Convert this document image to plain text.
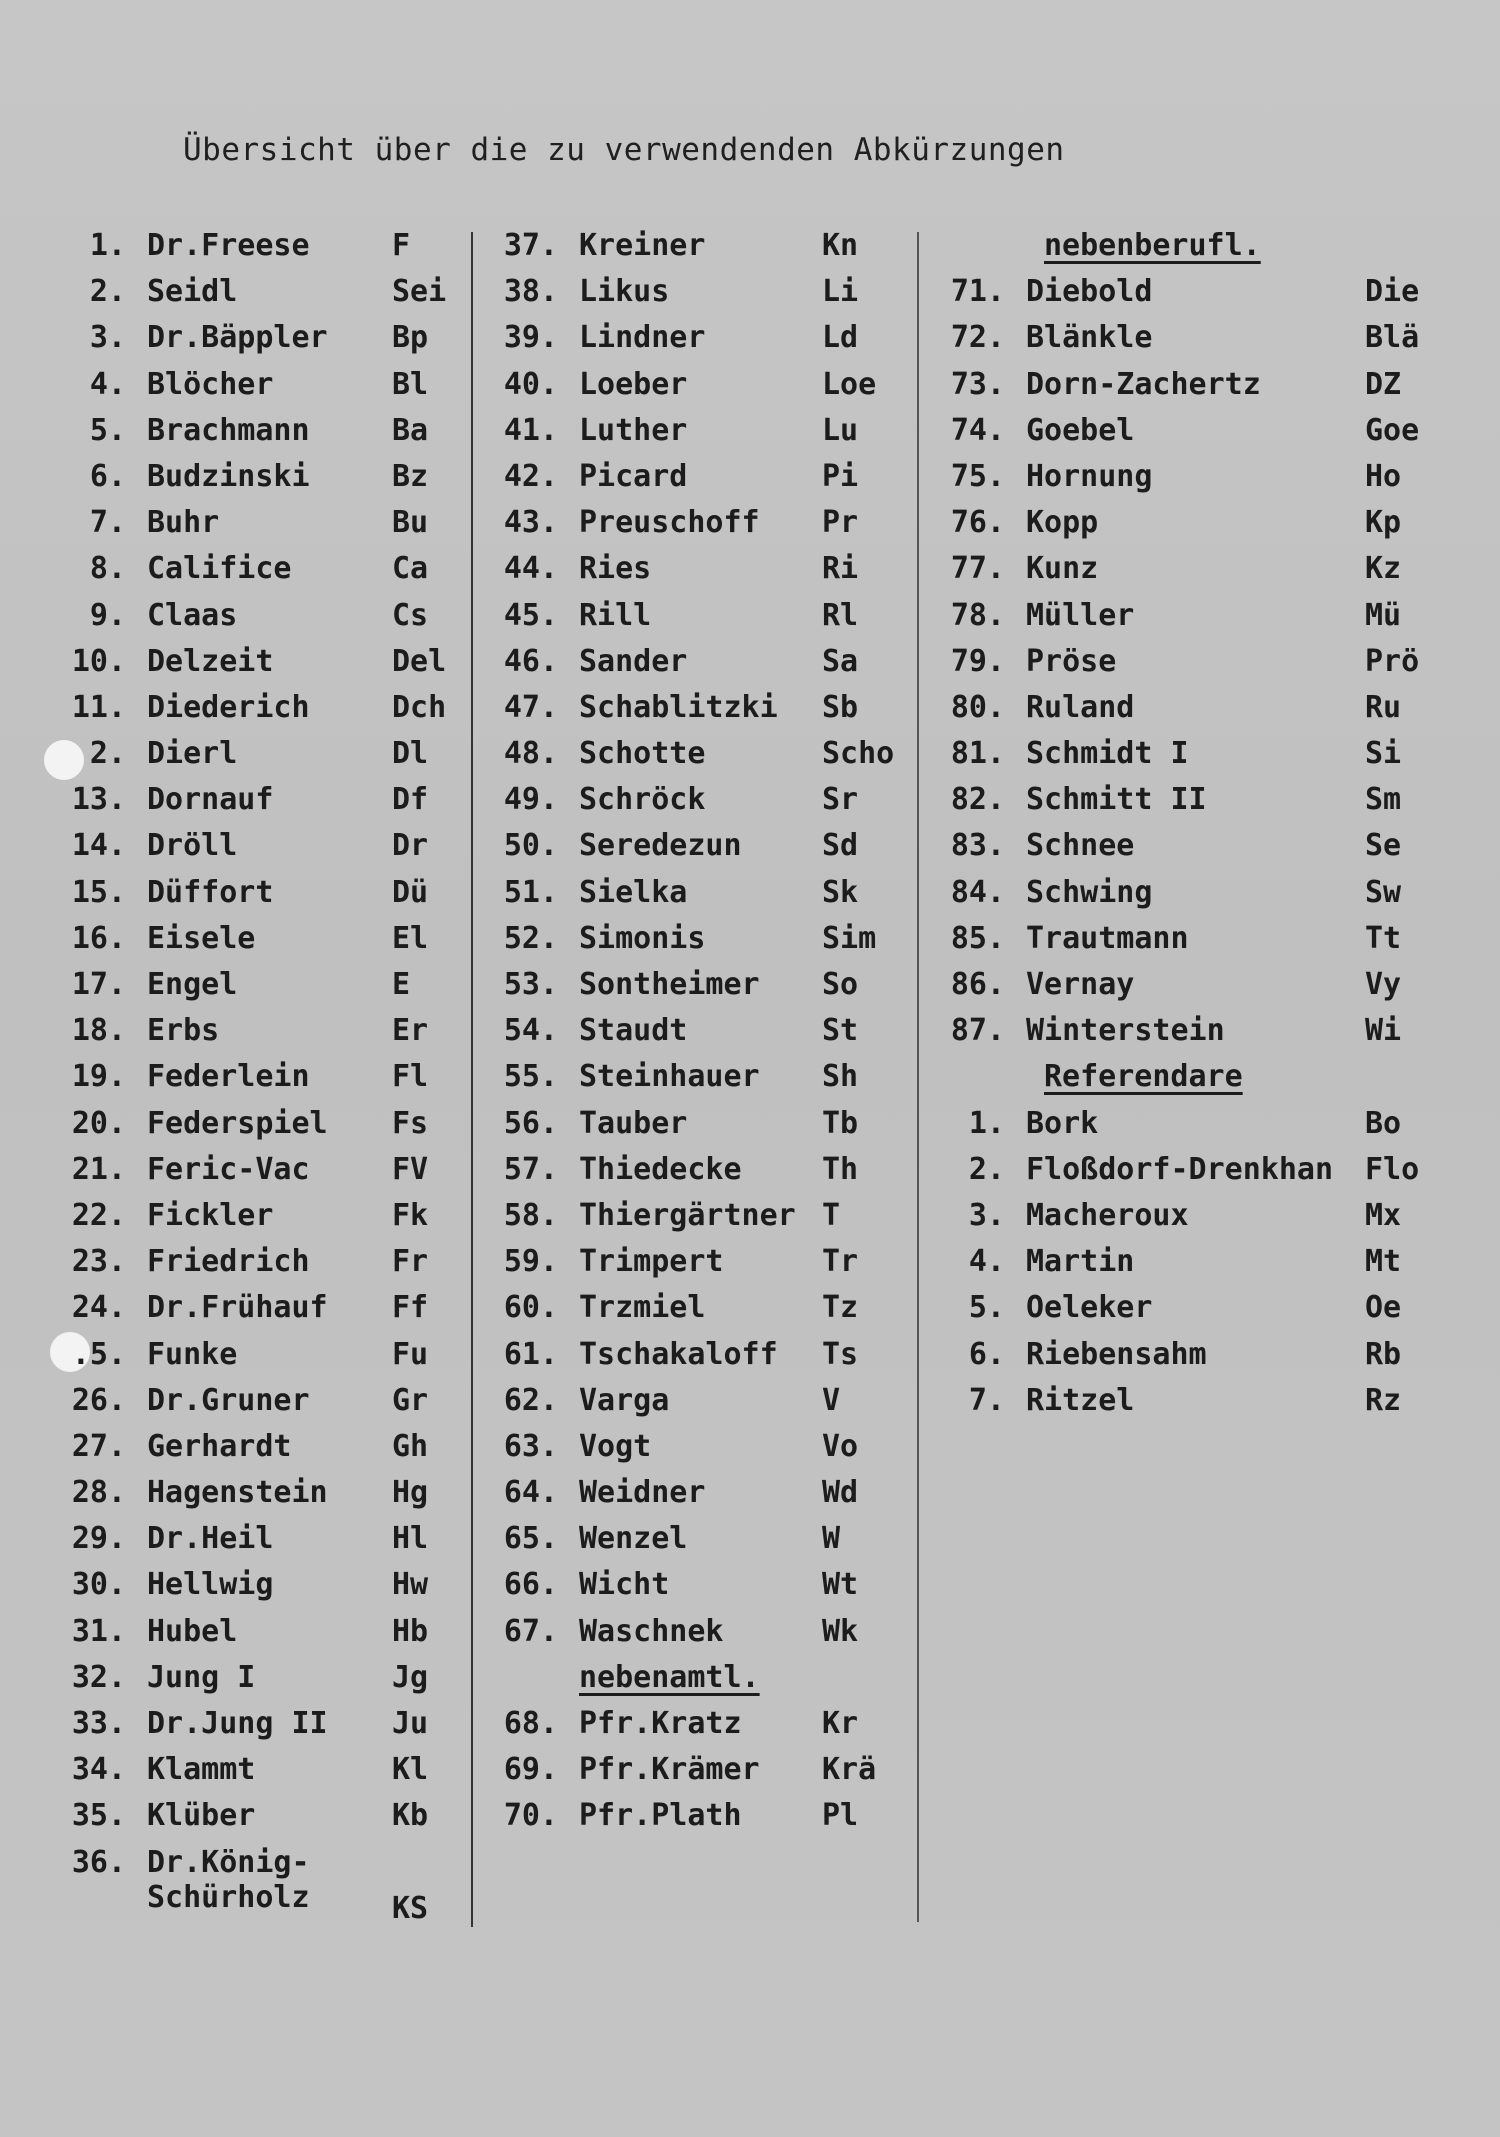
Übersicht über die zu verwendenden Abkürzungen
1. Dr.Freese	F
2. Seidl	Sei
3. Dr.Bäppler Bp
4. Blöcher	Bl
5. Brachmann	Ba
6. Budzinski	Bz
7. Buhr	Bu
8. Califice	Ca
9. Claas	Cs
10. Delzeit	Del
11. Diederich	Dch
2. Dierl	Dl
13. Dornauf	Df
14. Dröll	Dr
15. Düffort	Dü
16. Eisele	El
17. Engel	E
18. Erbs	Er
19. Federlein	Fl
20. Federspiel Fs
21. Feric-Vac	FV
22. Fickler	Fk
23. Friedrich	Fr
24. Dr.Frühauf Ff
.5. Funke	Fu
26. Dr.Gruner	Gr
27. Gerhardt	Gh
28. Hagenstein Hg
29. Dr.Heil	Hl
30. Hellwig	Hw
31. Hubel	Hb
32. Jung I	Jg
33. Dr.Jung II Ju
34. Klammt	Kl
35. Klüber	Kb
36. Dr.König-
Schürholz	KS
37. Kreiner	Kn
38. Likus	Li
39. Lindner	Ld
40. Loeber	Loe
41. Luther	Lu
42. Picard	Pi
43. Preuschoff Pr
44. Ries	Ri
45. Rill	Rl
46. Sander	Sa
47. Schablitzki Sb
48. Schotte	Scho
49. Schröck	Sr
50. Seredezun	Sd
51. Sielka	Sk
52. Simonis	Sim
53. Sontheimer So
54. Staudt	St
55. Steinhauer Sh
56. Tauber	Tb
57. Thiedecke	Th
58. Thiergärtner T
59. Trimpert	Tr
60. Trzmiel	Tz
61. Tschakaloff Ts
62. Varga	V
63. Vogt	Vo
64. Weidner	Wd
65. Wenzel	W
66. Wicht	Wt
67. Waschnek	Wk
nebenamtl.
68. Pfr.Kratz	Kr
69. Pfr.Krämer Krä
70. Pfr.Plath	Pl
nebenberufl.
71. Diebold	Die
72. Blänkle	Blä
73. Dorn-Zachertz	DZ
74. Goebel	Goe
75. Hornung	Ho
76. Kopp	Kp
77. Kunz	Kz
78. Müller	Mü
79. Pröse	Prö
80. Ruland	Ru
81. Schmidt I	Si
82. Schmitt II	Sm
83. Schnee	Se
84. Schwing	Sw
85. Trautmann	Tt
86. Vernay	Vy
87. Winterstein	Wi
Referendare
1. Bork	Bo
2. Floßdorf-Drenkhan Flo
3. Macheroux	Mx
4. Martin	Mt
5. Oeleker	Oe
6. Riebensahm	Rb
7. Ritzel	Rz
